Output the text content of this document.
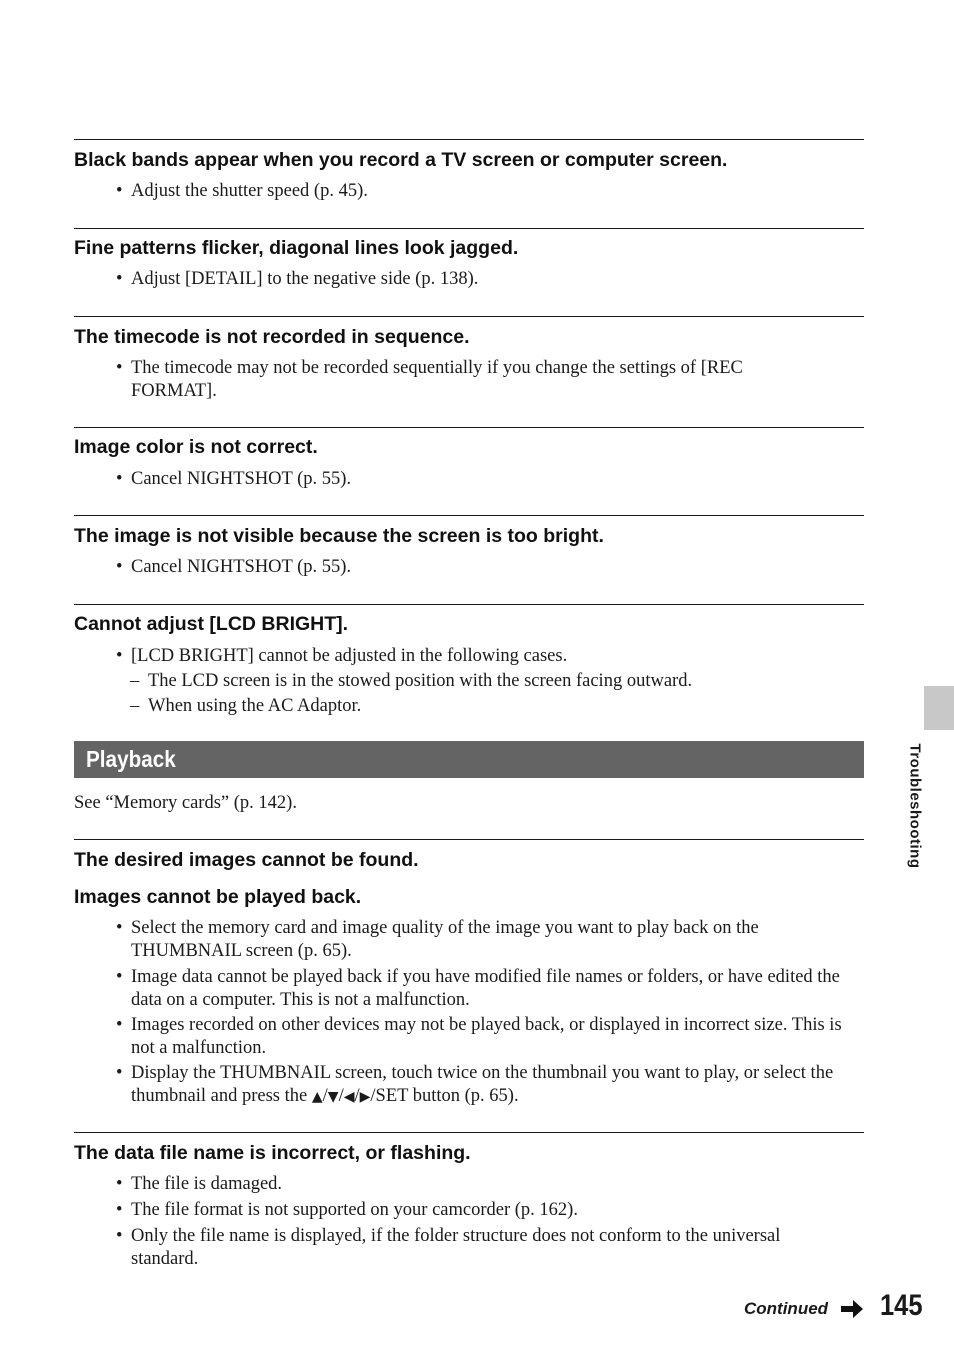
Black bands appear when you record a TV screen or computer screen.
• Adjust the shutter speed (p. 45).
Fine patterns flicker, diagonal lines look jagged.
• Adjust [DETAIL] to the negative side (p. 138).
The timecode is not recorded in sequence.
• The timecode may not be recorded sequentially if you change the settings of [REC FORMAT].
Image color is not correct.
• Cancel NIGHTSHOT (p. 55).
The image is not visible because the screen is too bright.
• Cancel NIGHTSHOT (p. 55).
Cannot adjust [LCD BRIGHT].
• [LCD BRIGHT] cannot be adjusted in the following cases.
– The LCD screen is in the stowed position with the screen facing outward.
– When using the AC Adaptor.
Playback
See “Memory cards” (p. 142).
The desired images cannot be found.
Images cannot be played back.
• Select the memory card and image quality of the image you want to play back on the THUMBNAIL screen (p. 65).
• Image data cannot be played back if you have modified file names or folders, or have edited the data on a computer. This is not a malfunction.
• Images recorded on other devices may not be played back, or displayed in incorrect size. This is not a malfunction.
• Display the THUMBNAIL screen, touch twice on the thumbnail you want to play, or select the thumbnail and press the ▲/▼/◀/▶/SET button (p. 65).
The data file name is incorrect, or flashing.
• The file is damaged.
• The file format is not supported on your camcorder (p. 162).
• Only the file name is displayed, if the folder structure does not conform to the universal standard.
Troubleshooting
Continued 145
